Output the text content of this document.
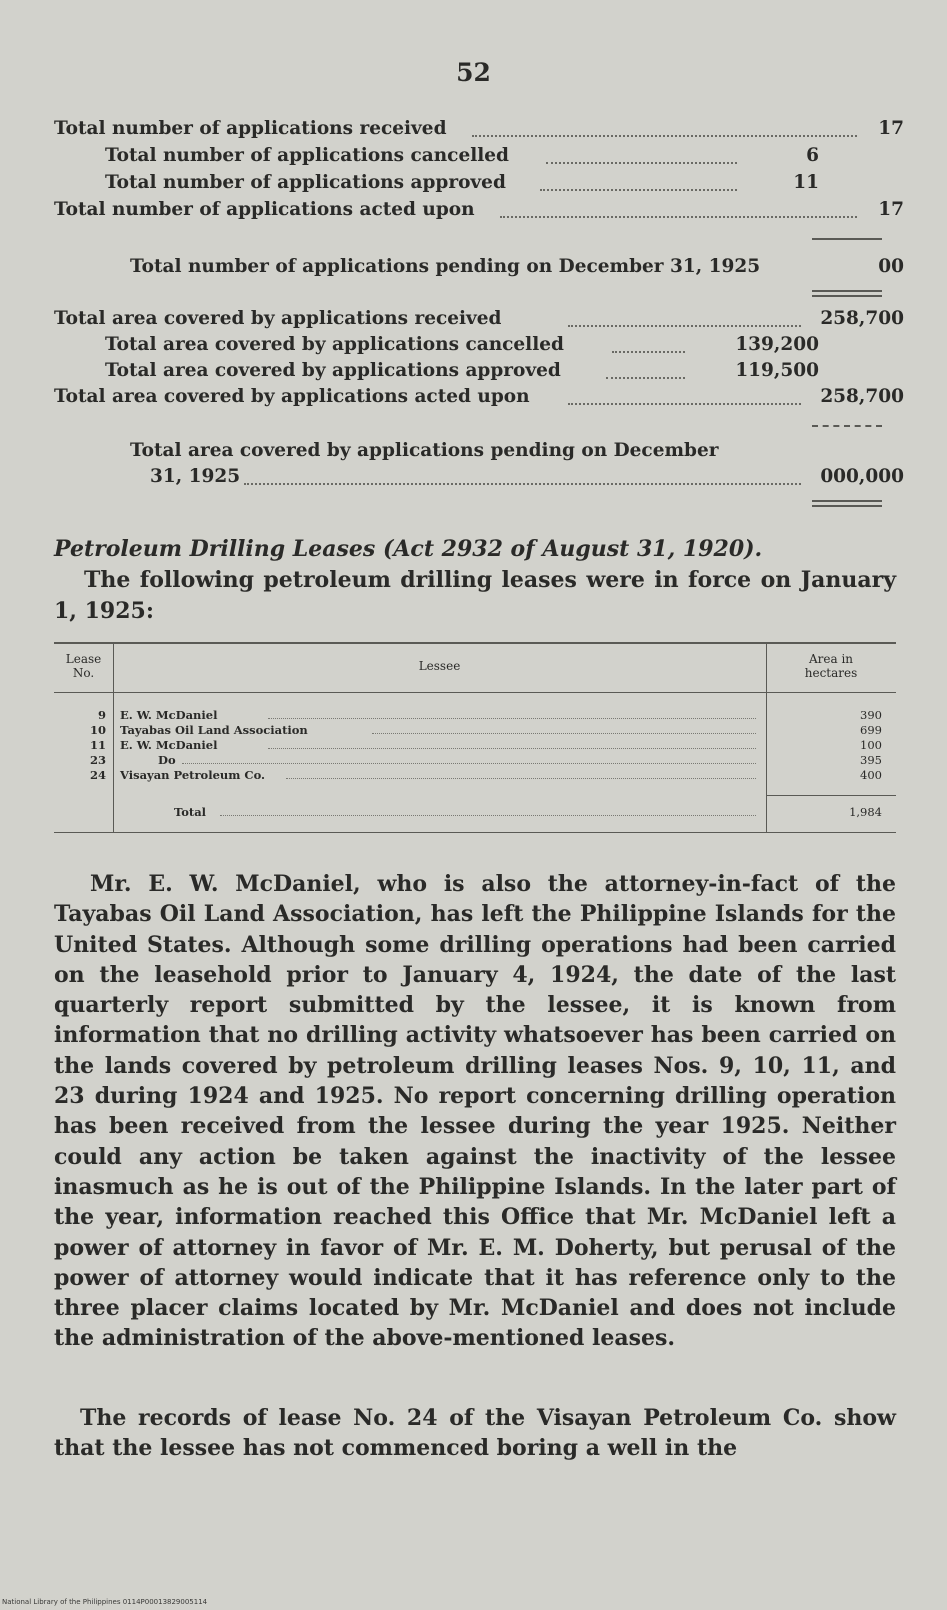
52
Total number of applications received	17
Total number of applications cancelled	6
Total number of applications approved	11
Total number of applications acted upon	17
Total number of applications pending on December 31, 1925	00
Total area covered by applications received	258,700
Total area covered by applications cancelled	139,200
Total area covered by applications approved	119,500
Total area covered by applications acted upon	258,700
Total area covered by applications pending on December
31, 1925	000,000
Petroleum Drilling Leases (Act 2932 of August 31, 1920).

The following petroleum drilling leases were in force on January 1, 1925:

Lease
No.	Lessee	Area in
hectares
9 E. W. McDaniel	390
10 Tayabas Oil Land Association	699
11 E. W. McDaniel	100
23	Do	395
24 Visayan Petroleum Co.	400
Total	1,984

Mr. E. W. McDaniel, who is also the attorney-in-fact of the Tayabas Oil Land Association, has left the Philippine Islands for the United States. Although some drilling operations had been carried on the leasehold prior to January 4, 1924, the date of the last quarterly report submitted by the lessee, it is known from information that no drilling activity whatsoever has been carried on the lands covered by petroleum drilling leases Nos. 9, 10, 11, and 23 during 1924 and 1925. No report concerning drilling operation has been received from the lessee during the year 1925. Neither could any action be taken against the inactivity of the lessee inasmuch as he is out of the Philippine Islands. In the later part of the year, information reached this Office that Mr. McDaniel left a power of attorney in favor of Mr. E. M. Doherty, but perusal of the power of attorney would indicate that it has reference only to the three placer claims located by Mr. McDaniel and does not include the administration of the above-mentioned leases.

The records of lease No. 24 of the Visayan Petroleum Co. show that the lessee has not commenced boring a well in the

National Library of the Philippines 0114P00013829005114
